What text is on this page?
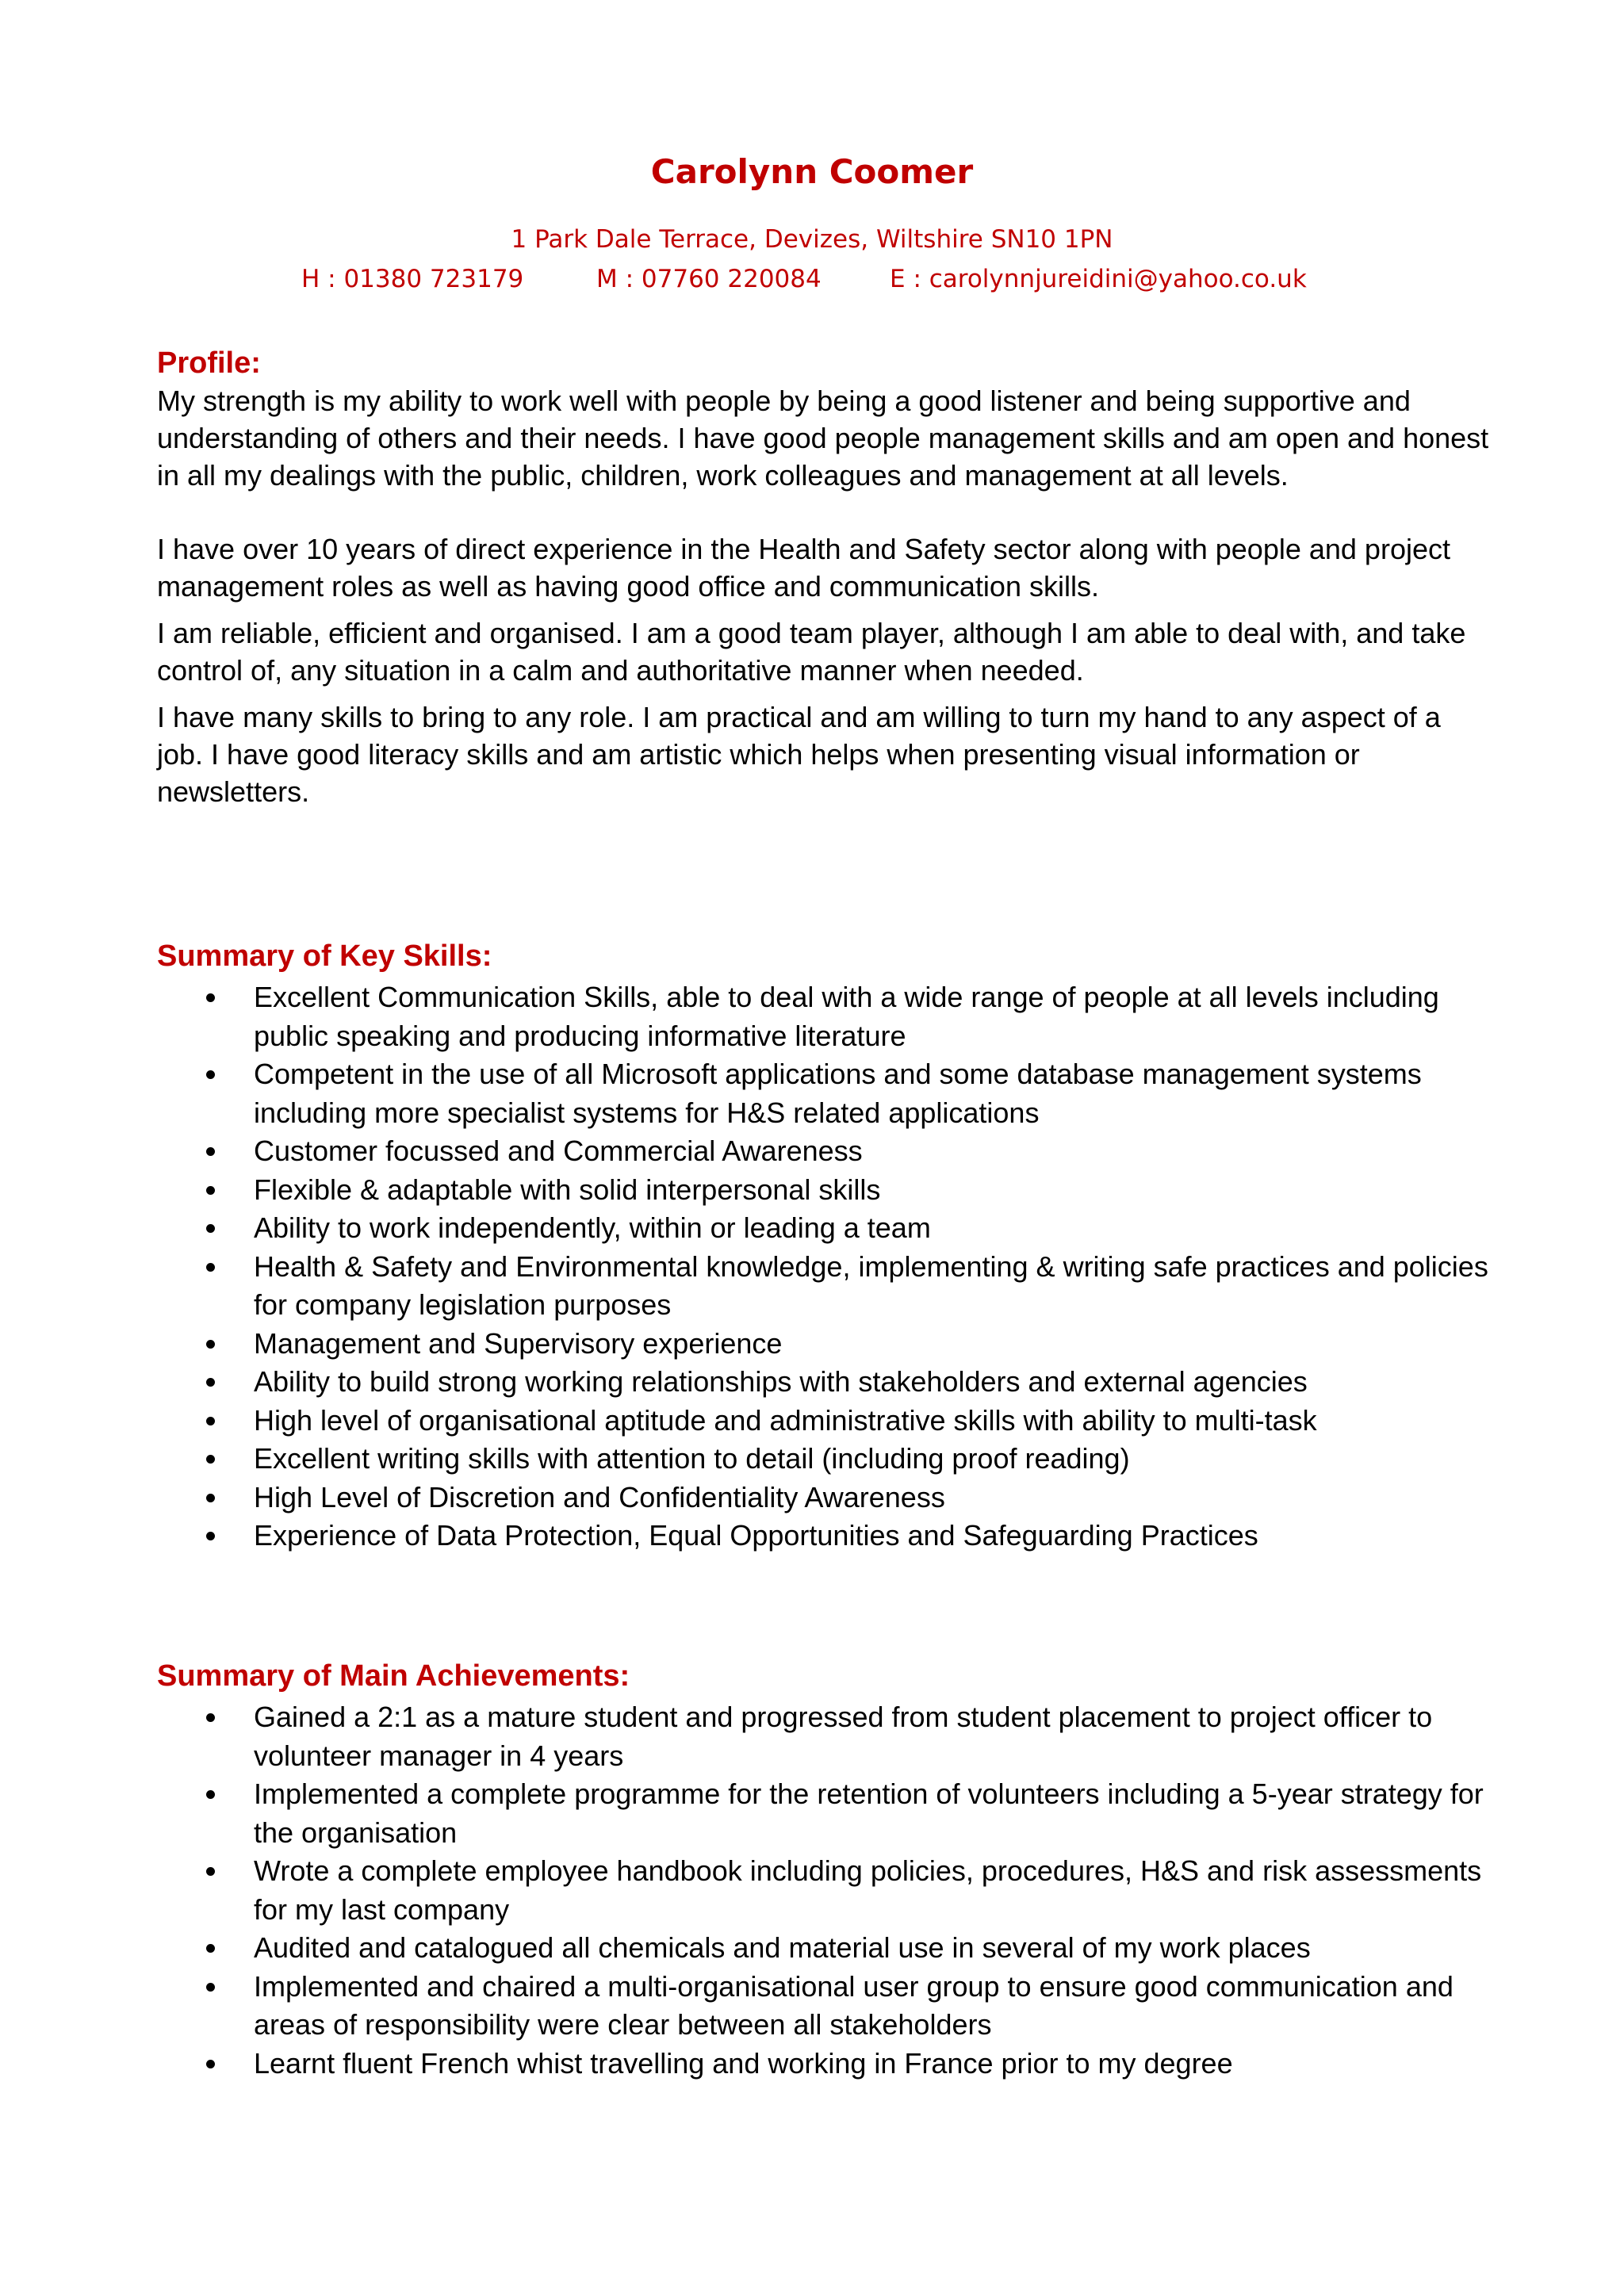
Carolynn Coomer
1 Park Dale Terrace, Devizes, Wiltshire SN10 1PN
H : 01380 723179	M : 07760 220084	E : carolynnjureidini@yahoo.co.uk
Profile:

My strength is my ability to work well with people by being a good listener and being supportive and understanding of others and their needs. I have good people management skills and am open and honest in all my dealings with the public, children, work colleagues and management at all levels.

I have over 10 years of direct experience in the Health and Safety sector along with people and project management roles as well as having good office and communication skills.

I am reliable, efficient and organised. I am a good team player, although I am able to deal with, and take control of, any situation in a calm and authoritative manner when needed.

I have many skills to bring to any role. I am practical and am willing to turn my hand to any aspect of a job. I have good literacy skills and am artistic which helps when presenting visual information or newsletters.

Summary of Key Skills:
Excellent Communication Skills, able to deal with a wide range of people at all levels including public speaking and producing informative literature
Competent in the use of all Microsoft applications and some database management systems including more specialist systems for H&S related applications
Customer focussed and Commercial Awareness
Flexible & adaptable with solid interpersonal skills
Ability to work independently, within or leading a team
Health & Safety and Environmental knowledge, implementing & writing safe practices and policies for company legislation purposes
Management and Supervisory experience
Ability to build strong working relationships with stakeholders and external agencies
High level of organisational aptitude and administrative skills with ability to multi-task
Excellent writing skills with attention to detail (including proof reading)
High Level of Discretion and Confidentiality Awareness
Experience of Data Protection, Equal Opportunities and Safeguarding Practices
Summary of Main Achievements:
Gained a 2:1 as a mature student and progressed from student placement to project officer to volunteer manager in 4 years
Implemented a complete programme for the retention of volunteers including a 5-year strategy for the organisation
Wrote a complete employee handbook including policies, procedures, H&S and risk assessments for my last company
Audited and catalogued all chemicals and material use in several of my work places
Implemented and chaired a multi-organisational user group to ensure good communication and areas of responsibility were clear between all stakeholders
Learnt fluent French whist travelling and working in France prior to my degree
